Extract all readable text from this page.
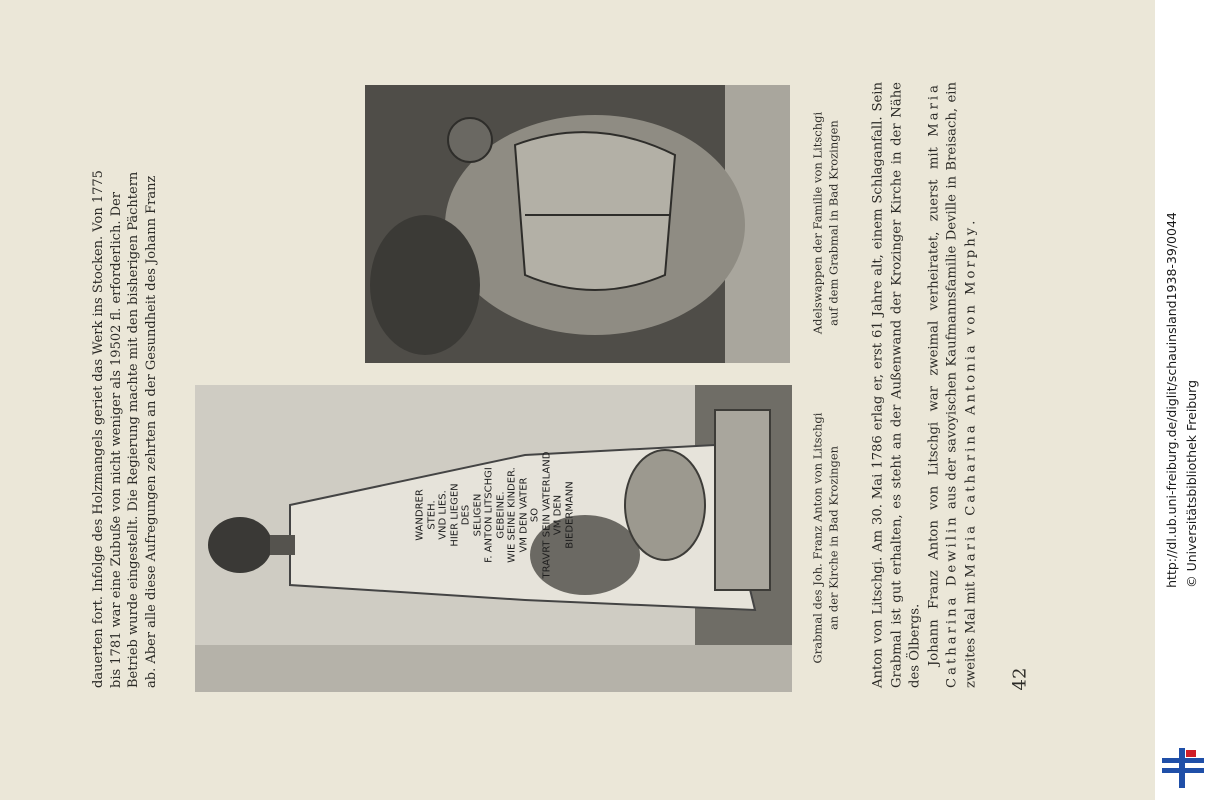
dauerten fort. Infolge des Holzmangels geriet das Werk ins Stocken. Von 1775 bis 1781 war eine Zubuße von nicht weniger als 19502 fl. erforderlich. Der Betrieb wurde eingestellt. Die Regierung machte mit den bisherigen Pächtern ab. Aber alle diese Aufregungen zehrten an der Gesundheit des Johann Franz	WANDRER STEH. VND LIES. HIER LIEGEN DES SELIGEN F. ANTON LITSCHGI GEBEINE. WIE SEINE KINDER. VM DEN VATER SO TRAVRT SEIN VATERLAND VM DEN BIEDERMANN	Grabmal des Joh. Franz Anton von Litschgi an der Kirche in Bad Krozingen
Adelswappen der Familie von Litschgi auf dem Grabmal in Bad Krozingen Anton von Litschgi. Am 30. Mai 1786 erlag er, erst 61 Jahre alt, einem Schlaganfall. Sein Grabmal ist gut erhalten, es steht an der Außenwand der Krozinger Kirche in der Nähe des Ölbergs. Johann Franz Anton von Litschgi war zweimal verheiratet, zuerst mit Maria Catharina Dewilin aus der savoyischen Kaufmannsfamilie Deville in Breisach, ein zweites Mal mit Maria Catharina Antonia von Morphy.

42
http://dl.ub.uni-freiburg.de/diglit/schauinsland1938-39/0044 © Universitätsbibliothek Freiburg
